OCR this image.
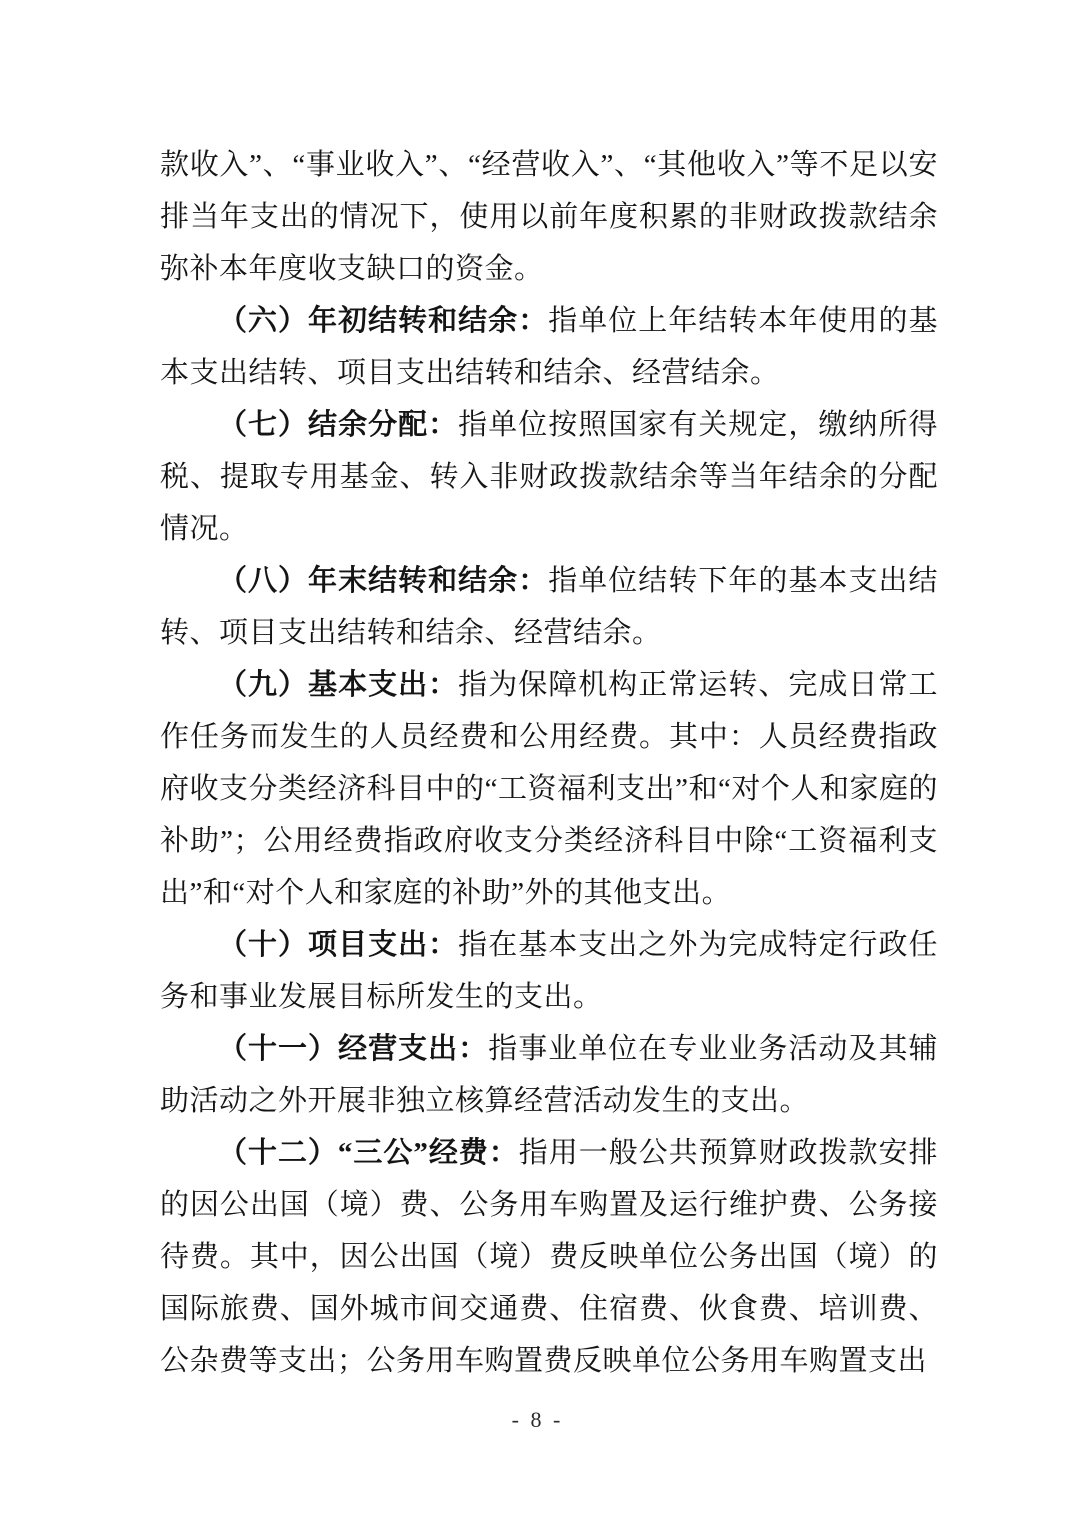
款收入”、“事业收入”、“经营收入”、“其他收入”等不足以安排当年支出的情况下，使用以前年度积累的非财政拨款结余弥补本年度收支缺口的资金。

（六）年初结转和结余：指单位上年结转本年使用的基本支出结转、项目支出结转和结余、经营结余。

（七）结余分配：指单位按照国家有关规定，缴纳所得税、提取专用基金、转入非财政拨款结余等当年结余的分配情况。

（八）年末结转和结余：指单位结转下年的基本支出结转、项目支出结转和结余、经营结余。

（九）基本支出：指为保障机构正常运转、完成日常工作任务而发生的人员经费和公用经费。其中：人员经费指政府收支分类经济科目中的“工资福利支出”和“对个人和家庭的补助”；公用经费指政府收支分类经济科目中除“工资福利支出”和“对个人和家庭的补助”外的其他支出。

（十）项目支出：指在基本支出之外为完成特定行政任务和事业发展目标所发生的支出。

（十一）经营支出：指事业单位在专业业务活动及其辅助活动之外开展非独立核算经营活动发生的支出。

（十二）“三公”经费：指用一般公共预算财政拨款安排的因公出国（境）费、公务用车购置及运行维护费、公务接待费。其中，因公出国（境）费反映单位公务出国（境）的国际旅费、国外城市间交通费、住宿费、伙食费、培训费、公杂费等支出；公务用车购置费反映单位公务用车购置支出

- 8 -
